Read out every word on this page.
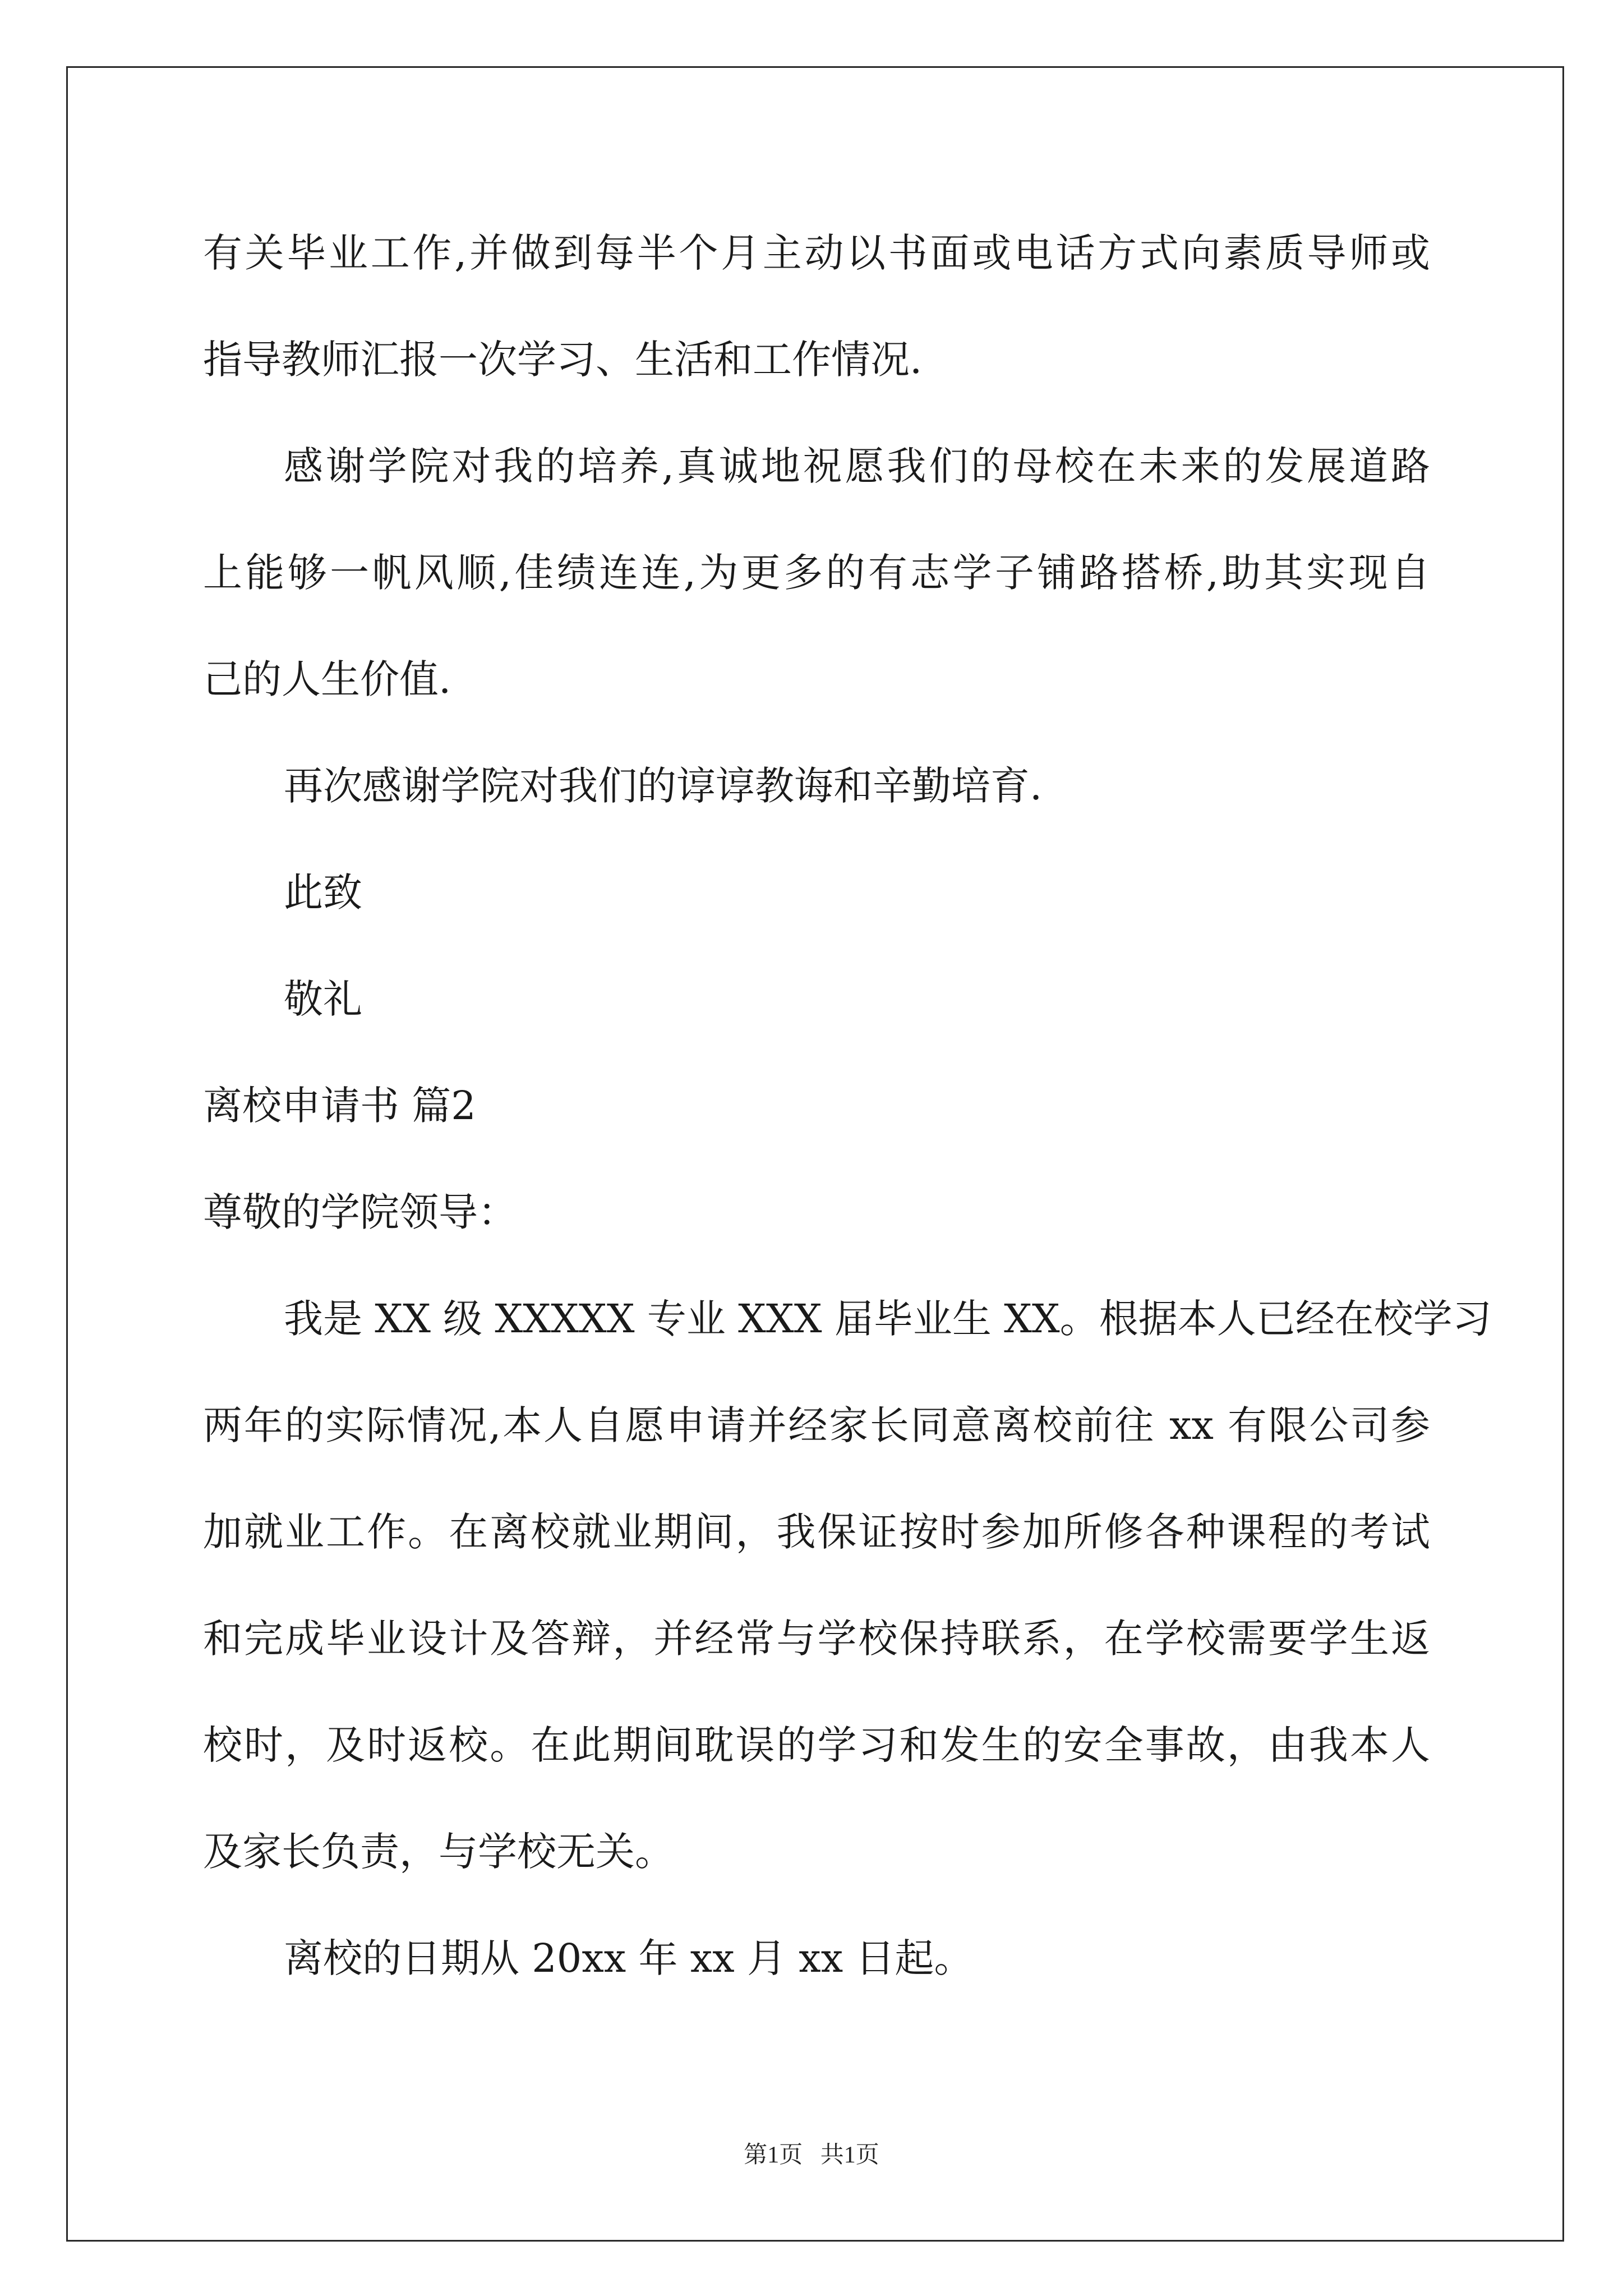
有关毕业工作,并做到每半个月主动以书面或电话方式向素质导师或
指导教师汇报一次学习、生活和工作情况.
感谢学院对我的培养,真诚地祝愿我们的母校在未来的发展道路
上能够一帆风顺,佳绩连连,为更多的有志学子铺路搭桥,助其实现自
己的人生价值.
再次感谢学院对我们的谆谆教诲和辛勤培育.
此致
敬礼
离校申请书 篇2
尊敬的学院领导：
我是 XX 级 XXXXX 专业 XXX 届毕业生 XX。根据本人已经在校学习
两年的实际情况,本人自愿申请并经家长同意离校前往 xx 有限公司参
加就业工作。在离校就业期间，我保证按时参加所修各种课程的考试
和完成毕业设计及答辩，并经常与学校保持联系，在学校需要学生返
校时，及时返校。在此期间耽误的学习和发生的安全事故，由我本人
及家长负责，与学校无关。
离校的日期从 20xx 年 xx 月 xx 日起。
第1页   共1页
